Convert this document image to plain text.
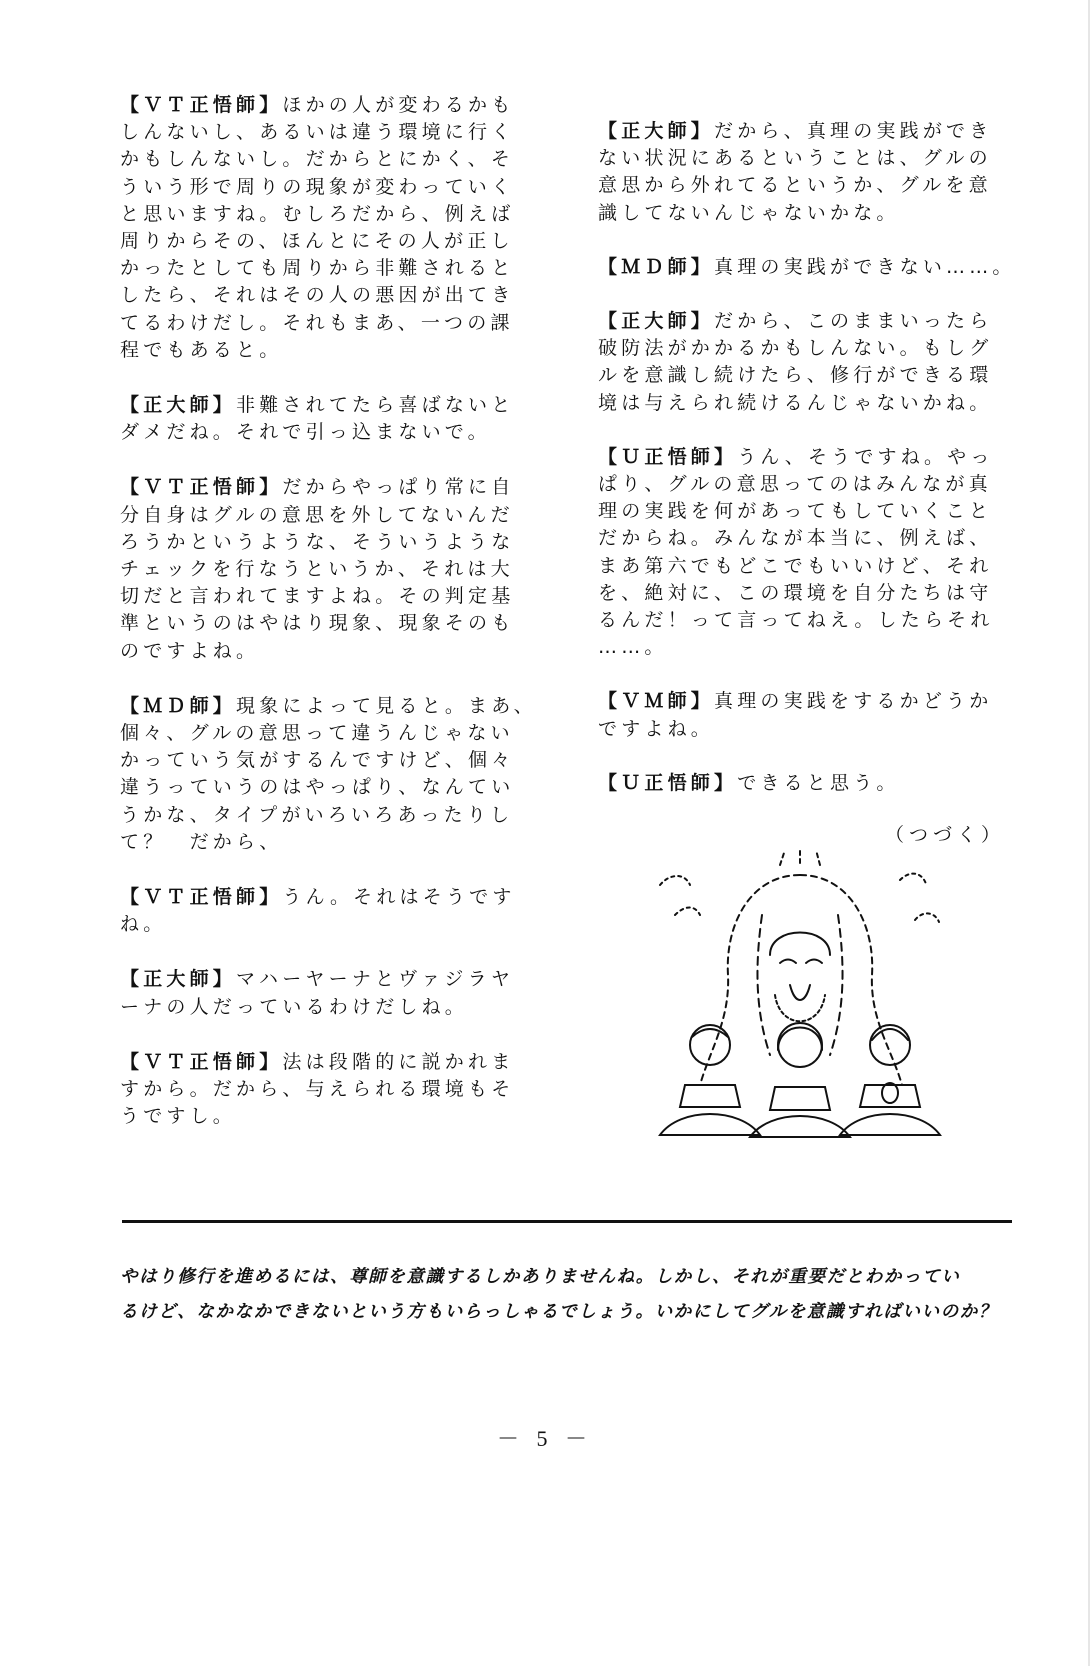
【ＶＴ正悟師】ほかの人が変わるかも
しんないし、あるいは違う環境に行く
かもしんないし。だからとにかく、そ
ういう形で周りの現象が変わっていく
と思いますね。むしろだから、例えば
周りからその、ほんとにその人が正し
かったとしても周りから非難されると
したら、それはその人の悪因が出てき
てるわけだし。それもまあ、一つの課
程でもあると。

【正大師】非難されてたら喜ばないと
ダメだね。それで引っ込まないで。

【ＶＴ正悟師】だからやっぱり常に自
分自身はグルの意思を外してないんだ
ろうかというような、そういうような
チェックを行なうというか、それは大
切だと言われてますよね。その判定基
準というのはやはり現象、現象そのも
のですよね。

【ＭＤ師】現象によって見ると。まあ、
個々、グルの意思って違うんじゃない
かっていう気がするんですけど、個々
違うっていうのはやっぱり、なんてい
うかな、タイプがいろいろあったりし
て？　だから、

【ＶＴ正悟師】うん。それはそうです
ね。

【正大師】マハーヤーナとヴァジラヤ
ーナの人だっているわけだしね。

【ＶＴ正悟師】法は段階的に説かれま
すから。だから、与えられる環境もそ
うですし。

【正大師】だから、真理の実践ができ
ない状況にあるということは、グルの
意思から外れてるというか、グルを意
識してないんじゃないかな。

【ＭＤ師】真理の実践ができない……。

【正大師】だから、このままいったら
破防法がかかるかもしんない。もしグ
ルを意識し続けたら、修行ができる環
境は与えられ続けるんじゃないかね。

【Ｕ正悟師】うん、そうですね。やっ
ぱり、グルの意思ってのはみんなが真
理の実践を何があってもしていくこと
だからね。みんなが本当に、例えば、
まあ第六でもどこでもいいけど、それ
を、絶対に、この環境を自分たちは守
るんだ！って言ってねえ。したらそれ
……。

【ＶＭ師】真理の実践をするかどうか
ですよね。

【Ｕ正悟師】できると思う。

（つづく）
やはり修行を進めるには、尊師を意識するしかありませんね。しかし、それが重要だとわかってい
るけど、なかなかできないという方もいらっしゃるでしょう。いかにしてグルを意識すればいいのか？
－ 5 －
